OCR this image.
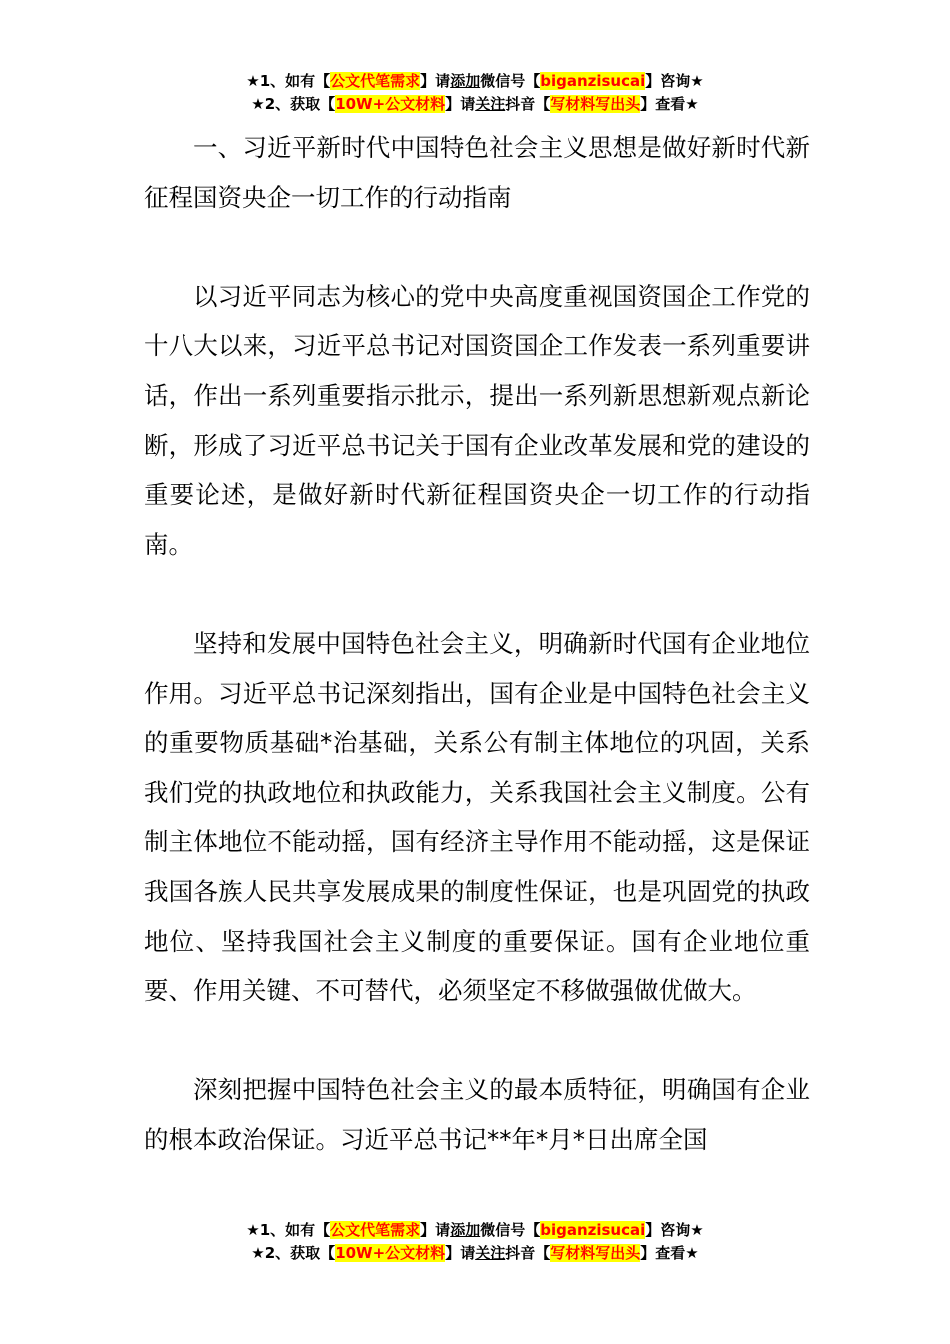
★1、如有【公文代笔需求】请添加微信号【biganzisucai】咨询★
★2、获取【10W+公文材料】请关注抖音【写材料写出头】查看★

一、习近平新时代中国特色社会主义思想是做好新时代新征程国资央企一切工作的行动指南

以习近平同志为核心的党中央高度重视国资国企工作党的十八大以来，习近平总书记对国资国企工作发表一系列重要讲话，作出一系列重要指示批示，提出一系列新思想新观点新论断，形成了习近平总书记关于国有企业改革发展和党的建设的重要论述，是做好新时代新征程国资央企一切工作的行动指南。

坚持和发展中国特色社会主义，明确新时代国有企业地位作用。习近平总书记深刻指出，国有企业是中国特色社会主义的重要物质基础*治基础，关系公有制主体地位的巩固，关系我们党的执政地位和执政能力，关系我国社会主义制度。公有制主体地位不能动摇，国有经济主导作用不能动摇，这是保证我国各族人民共享发展成果的制度性保证，也是巩固党的执政地位、坚持我国社会主义制度的重要保证。国有企业地位重要、作用关键、不可替代，必须坚定不移做强做优做大。

深刻把握中国特色社会主义的最本质特征，明确国有企业的根本政治保证。习近平总书记**年*月*日出席全国

★1、如有【公文代笔需求】请添加微信号【biganzisucai】咨询★
★2、获取【10W+公文材料】请关注抖音【写材料写出头】查看★
